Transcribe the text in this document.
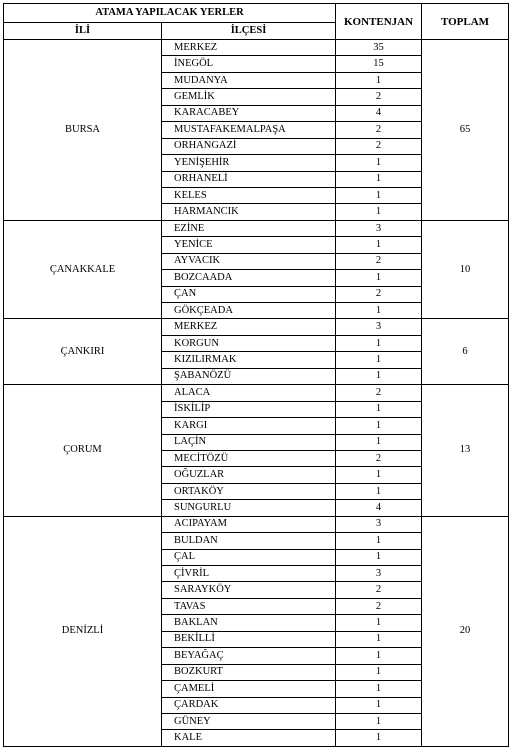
ATAMA YAPILACAK YERLER		KONTENJAN	TOPLAM
İLİ	İLÇESİ		
BURSA	MERKEZ	35	65
	İNEGÖL	15	
	MUDANYA	1	
	GEMLİK	2	
	KARACABEY	4	
	MUSTAFAKEMALPAŞA	2	
	ORHANGAZİ	2	
	YENİŞEHİR	1	
	ORHANELİ	1	
	KELES	1	
	HARMANCIK	1	
ÇANAKKALE	EZİNE	3	10
	YENİCE	1	
	AYVACIK	2	
	BOZCAADA	1	
	ÇAN	2	
	GÖKÇEADA	1	
ÇANKIRI	MERKEZ	3	6
	KORGUN	1	
	KIZILIRMAK	1	
	ŞABANÖZÜ	1	
ÇORUM	ALACA	2	13
	İSKİLİP	1	
	KARGI	1	
	LAÇİN	1	
	MECİTÖZÜ	2	
	OĞUZLAR	1	
	ORTAKÖY	1	
	SUNGURLU	4	
DENİZLİ	ACIPAYAM	3	20
	BULDAN	1	
	ÇAL	1	
	ÇİVRİL	3	
	SARAYKÖY	2	
	TAVAS	2	
	BAKLAN	1	
	BEKİLLİ	1	
	BEYAĞAÇ	1	
	BOZKURT	1	
	ÇAMELİ	1	
	ÇARDAK	1	
	GÜNEY	1	
	KALE	1	
